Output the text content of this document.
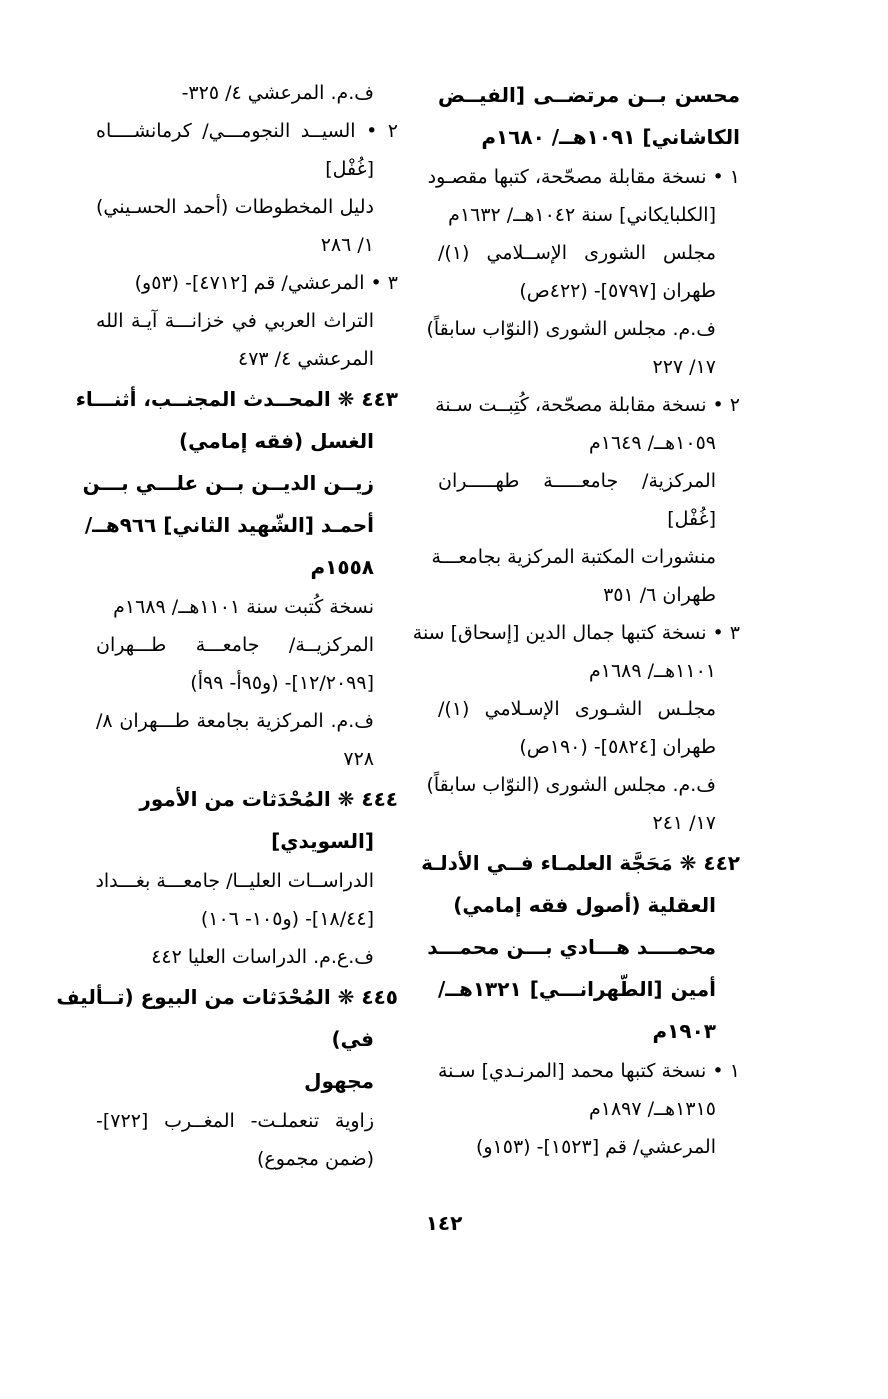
محسن بــن مرتضــى [الفيــض
الكاشاني] ١٠٩١هــ/ ١٦٨٠م
١ • نسخة مقابلة مصحّحة، كتبها مقصـود
[الكلبايكاني] سنة ١٠٤٢هــ/ ١٦٣٢م
مجلس الشورى الإســلامي (١)/
طهران [٥٧٩٧]- (٤٢٢ص)
ف.م. مجلس الشورى (النوّاب سابقاً)
١٧/ ٢٢٧
٢ • نسخة مقابلة مصحّحة، كُتِبــت سـنة
١٠٥٩هــ/ ١٦٤٩م
المركزية/ جامعـــــة طهـــــران
[غُفْل]
منشورات المكتبة المركزية بجامعـــة
طهران ٦/ ٣٥١
٣ • نسخة كتبها جمال الدين [إسحاق] سنة
١١٠١هــ/ ١٦٨٩م
مجلـس الشـورى الإسـلامي (١)/
طهران [٥٨٢٤]- (١٩٠ص)
ف.م. مجلس الشورى (النوّاب سابقاً)
١٧/ ٢٤١
٤٤٢ ❋ مَحَجَّة العلمـاء فــي الأدلـة
العقلية (أصول فقه إمامي)
محمــــد هـــادي بـــن محمـــد
أمين [الطّهرانـــي] ١٣٢١هــ/
١٩٠٣م
١ • نسخة كتبها محمد [المرنـدي] سـنة
١٣١٥هــ/ ١٨٩٧م
المرعشي/ قم [١٥٢٣]- (١٥٣و)
ف.م. المرعشي ٤/ ٣٢٥-
٢ • السيــد النجومـــي/ كرمانشــــاه
[غُفْل]
دليل المخطوطات (أحمد الحسـيني)
١/ ٢٨٦
٣ • المرعشي/ قم [٤٧١٢]- (٥٣و)
التراث العربي في خزانـــة آيـة الله
المرعشي ٤/ ٤٧٣
٤٤٣ ❋ المحــدث المجنــب، أثنـــاء
الغسل (فقه إمامي)
زيــن الديــن بــن علـــي بـــن
أحمـد [الشّهيد الثاني] ٩٦٦هــ/
١٥٥٨م
نسخة كُتبت سنة ١١٠١هــ/ ١٦٨٩م
المركزيــة/ جامعـــة طـــهران
[١٢/٢٠٩٩]- (و٩٥أ- ٩٩أ)
ف.م. المركزية بجامعة طـــهران ٨/
٧٢٨
٤٤٤ ❋ المُحْدَثات من الأمور
[السويدي]
الدراســات العليــا/ جامعـــة بغـــداد
[١٨/٤٤]- (و١٠٥- ١٠٦)
ف.ع.م. الدراسات العليا ٤٤٢
٤٤٥ ❋ المُحْدَثات من البيوع (تــأليف
في)
مجهول
زاوية تنعملـت- المغــرب [٧٢٢]-
(ضمن مجموع)
١٤٢
